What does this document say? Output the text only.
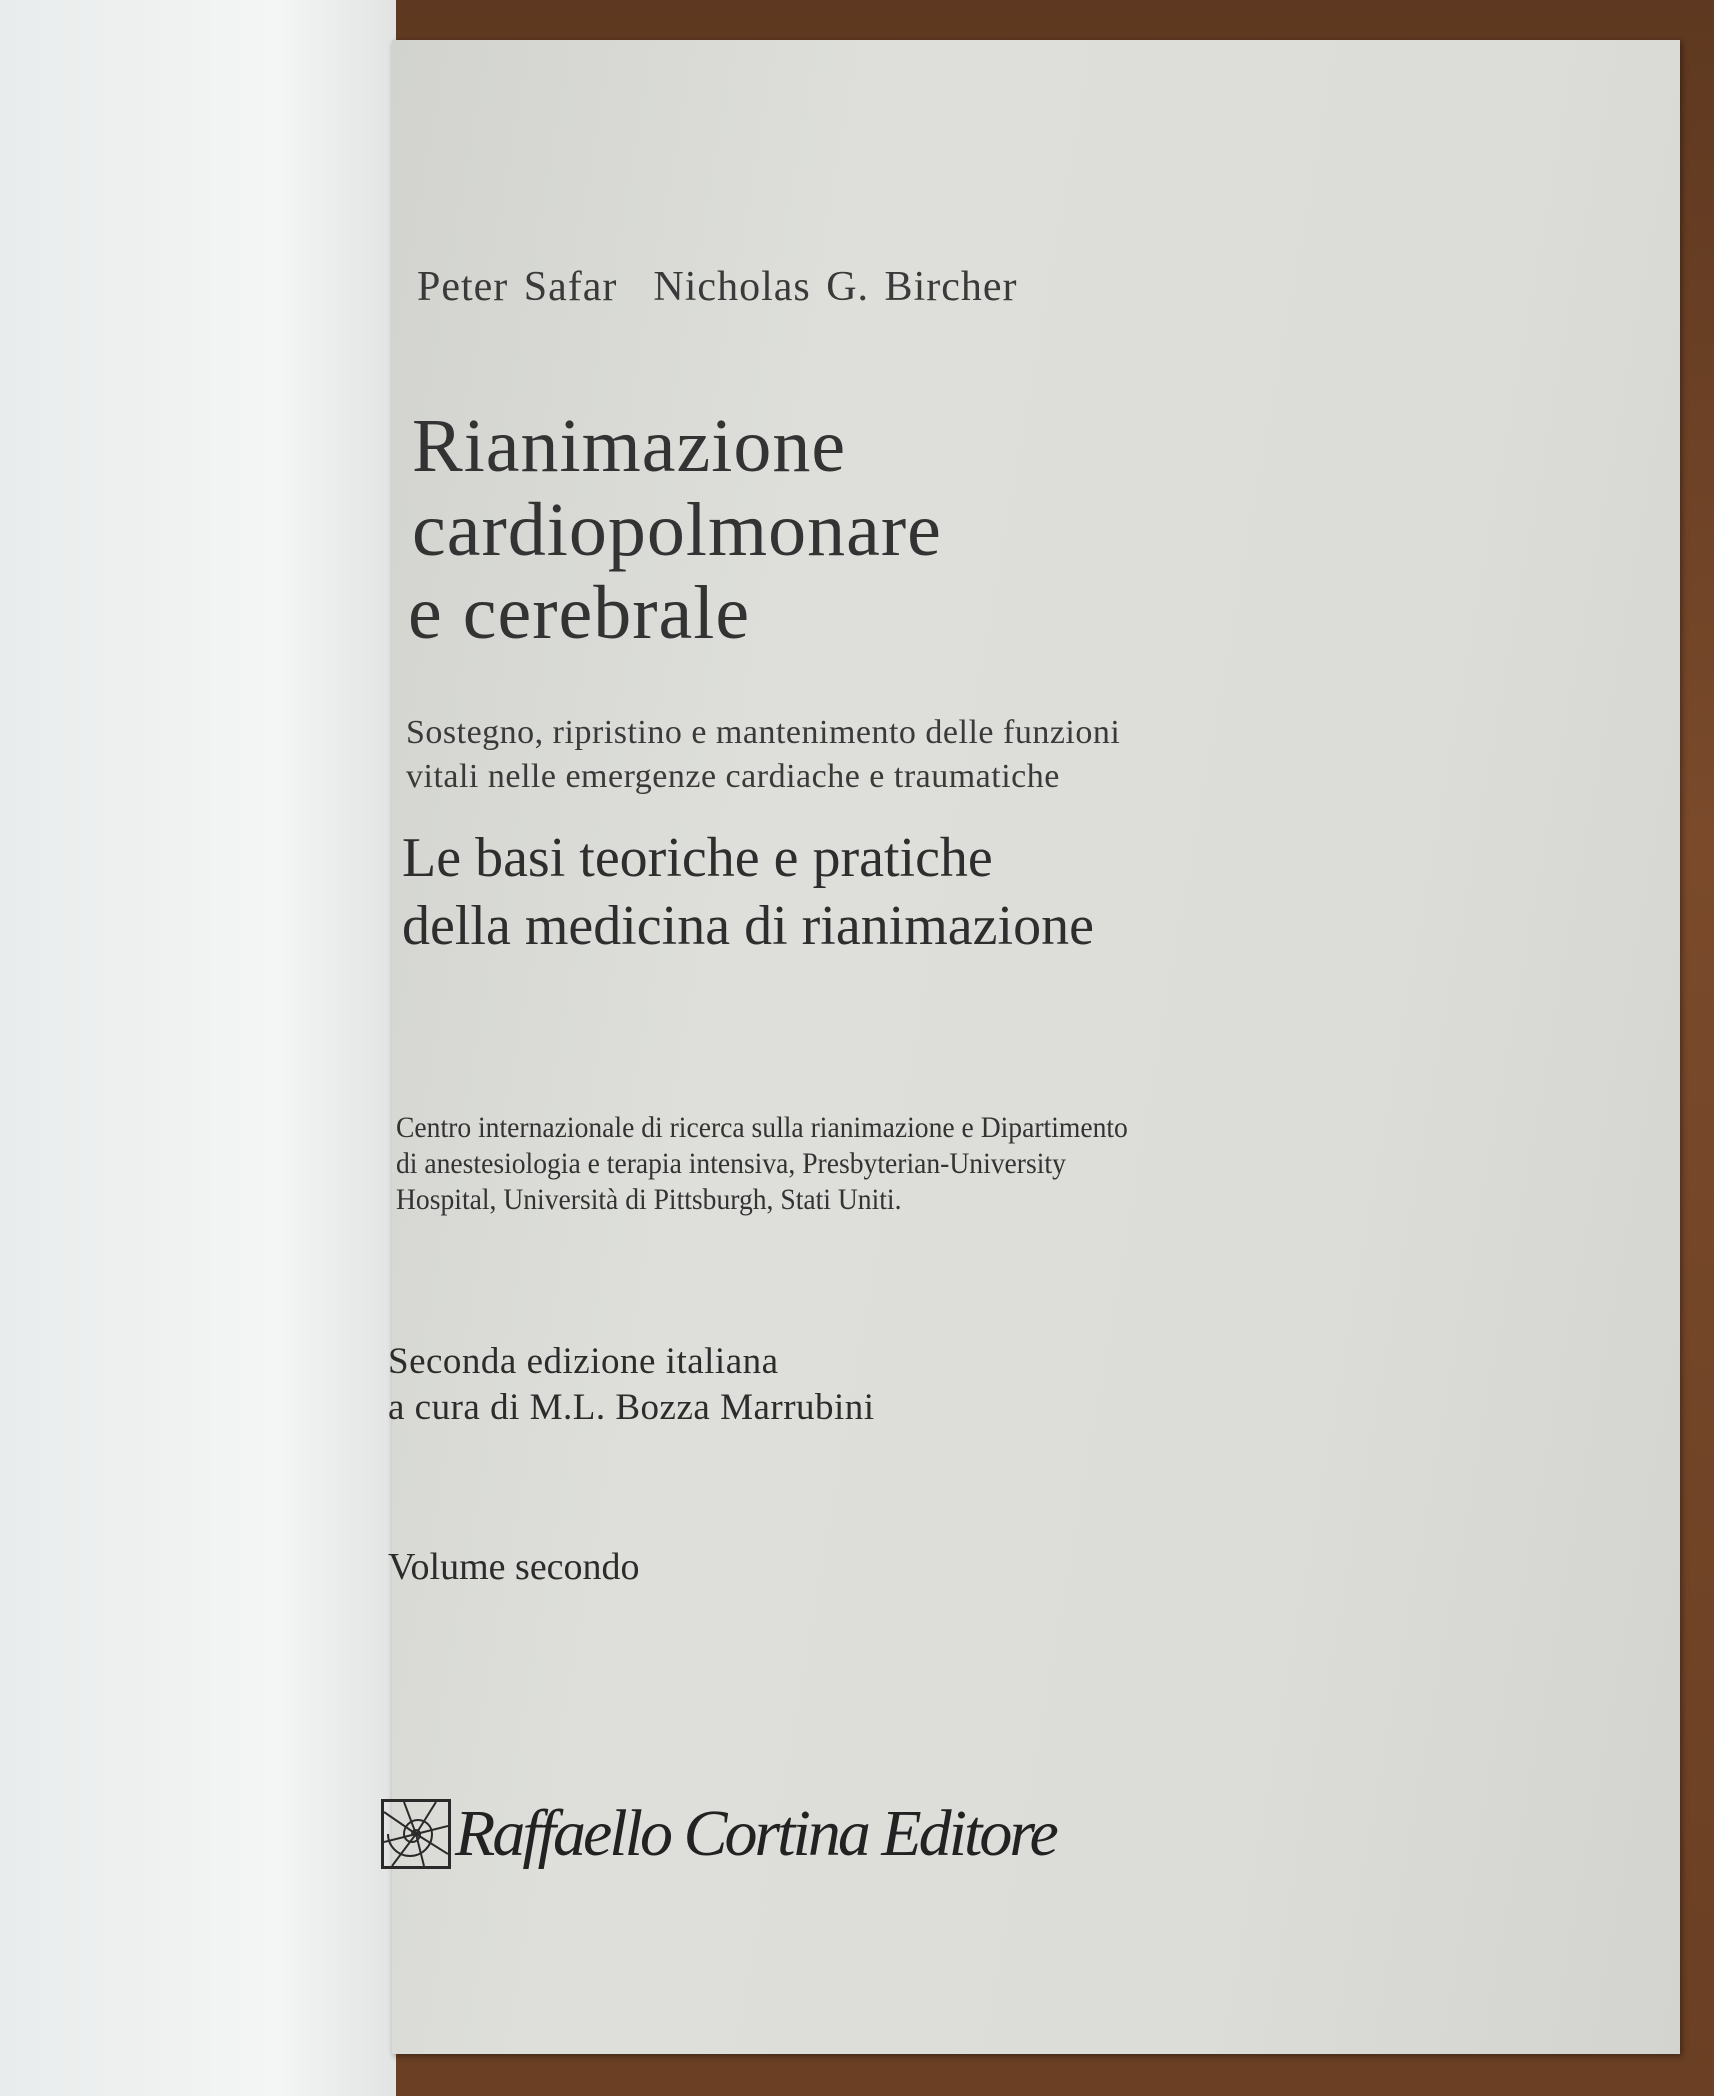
Peter Safar Nicholas G. Bircher
Rianimazione
cardiopolmonare
e cerebrale
Sostegno, ripristino e mantenimento delle funzioni
vitali nelle emergenze cardiache e traumatiche
Le basi teoriche e pratiche
della medicina di rianimazione
Centro internazionale di ricerca sulla rianimazione e Dipartimento
di anestesiologia e terapia intensiva, Presbyterian-University
Hospital, Università di Pittsburgh, Stati Uniti.
Seconda edizione italiana
a cura di M.L. Bozza Marrubini
Volume secondo
Raffaello Cortina Editore
